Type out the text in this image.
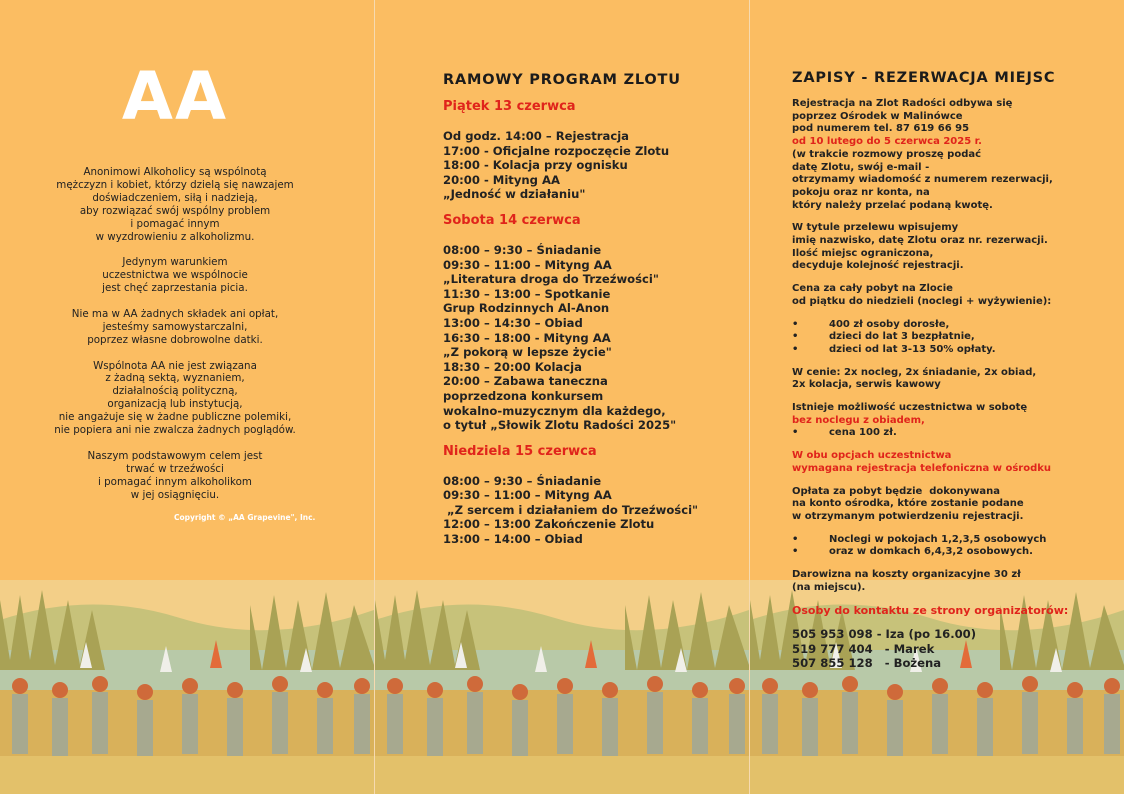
AA

Anonimowi Alkoholicy są wspólnotą
mężczyzn i kobiet, którzy dzielą się nawzajem
doświadczeniem, siłą i nadzieją,
aby rozwiązać swój wspólny problem
i pomagać innym
w wyzdrowieniu z alkoholizmu.

Jedynym warunkiem
uczestnictwa we wspólnocie
jest chęć zaprzestania picia.

Nie ma w AA żadnych składek ani opłat,
jesteśmy samowystarczalni,
poprzez własne dobrowolne datki.

Wspólnota AA nie jest związana
z żadną sektą, wyznaniem,
działalnością polityczną,
organizacją lub instytucją,
nie angażuje się w żadne publiczne polemiki,
nie popiera ani nie zwalcza żadnych poglądów.

Naszym podstawowym celem jest
trwać w trzeźwości
i pomagać innym alkoholikom
w jej osiągnięciu.

Copyright © „AA Grapevine", Inc.
RAMOWY PROGRAM ZLOTU
Piątek 13 czerwca
Od godz. 14:00 – Rejestracja
17:00 - Oficjalne rozpoczęcie Zlotu
18:00 - Kolacja przy ognisku
20:00 - Mityng AA
„Jedność w działaniu"
Sobota 14 czerwca
08:00 – 9:30 – Śniadanie
09:30 – 11:00 – Mityng AA
„Literatura droga do Trzeźwości"
11:30 – 13:00 – Spotkanie
Grup Rodzinnych Al-Anon
13:00 – 14:30 – Obiad
16:30 – 18:00 - Mityng AA
„Z pokorą w lepsze życie"
18:30 – 20:00 Kolacja
20:00 – Zabawa taneczna
poprzedzona konkursem
wokalno-muzycznym dla każdego,
o tytuł „Słowik Zlotu Radości 2025"
Niedziela 15 czerwca
08:00 – 9:30 – Śniadanie
09:30 – 11:00 – Mityng AA
„Z sercem i działaniem do Trzeźwości"
12:00 – 13:00 Zakończenie Zlotu
13:00 – 14:00 – Obiad
ZAPISY - REZERWACJA MIEJSC
Rejestracja na Zlot Radości odbywa się
poprzez Ośrodek w Malinówce
pod numerem tel. 87 619 66 95
od 10 lutego do 5 czerwca 2025 r.
(w trakcie rozmowy proszę podać
datę Zlotu, swój e-mail -
otrzymamy wiadomość z numerem rezerwacji,
pokoju oraz nr konta, na
który należy przelać podaną kwotę.
W tytule przelewu wpisujemy
imię nazwisko, datę Zlotu oraz nr. rezerwacji.
Ilość miejsc ograniczona,
decyduje kolejność rejestracji.
Cena za cały pobyt na Zlocie
od piątku do niedzieli (noclegi + wyżywienie):
•	400 zł osoby dorosłe,
•	dzieci do lat 3 bezpłatnie,
•	dzieci od lat 3-13 50% opłaty.
W cenie: 2x nocleg, 2x śniadanie, 2x obiad,
2x kolacja, serwis kawowy
Istnieje możliwość uczestnictwa w sobotę
bez noclegu z obiadem,
•	cena 100 zł.
W obu opcjach uczestnictwa
wymagana rejestracja telefoniczna w ośrodku
Opłata za pobyt będzie  dokonywana
na konto ośrodka, które zostanie podane
w otrzymanym potwierdzeniu rejestracji.
•	Noclegi w pokojach 1,2,3,5 osobowych
•	oraz w domkach 6,4,3,2 osobowych.
Darowizna na koszty organizacyjne 30 zł
(na miejscu).
Osoby do kontaktu ze strony organizatorów:
505 953 098 - Iza (po 16.00)
519 777 404   - Marek
507 855 128   - Bożena
